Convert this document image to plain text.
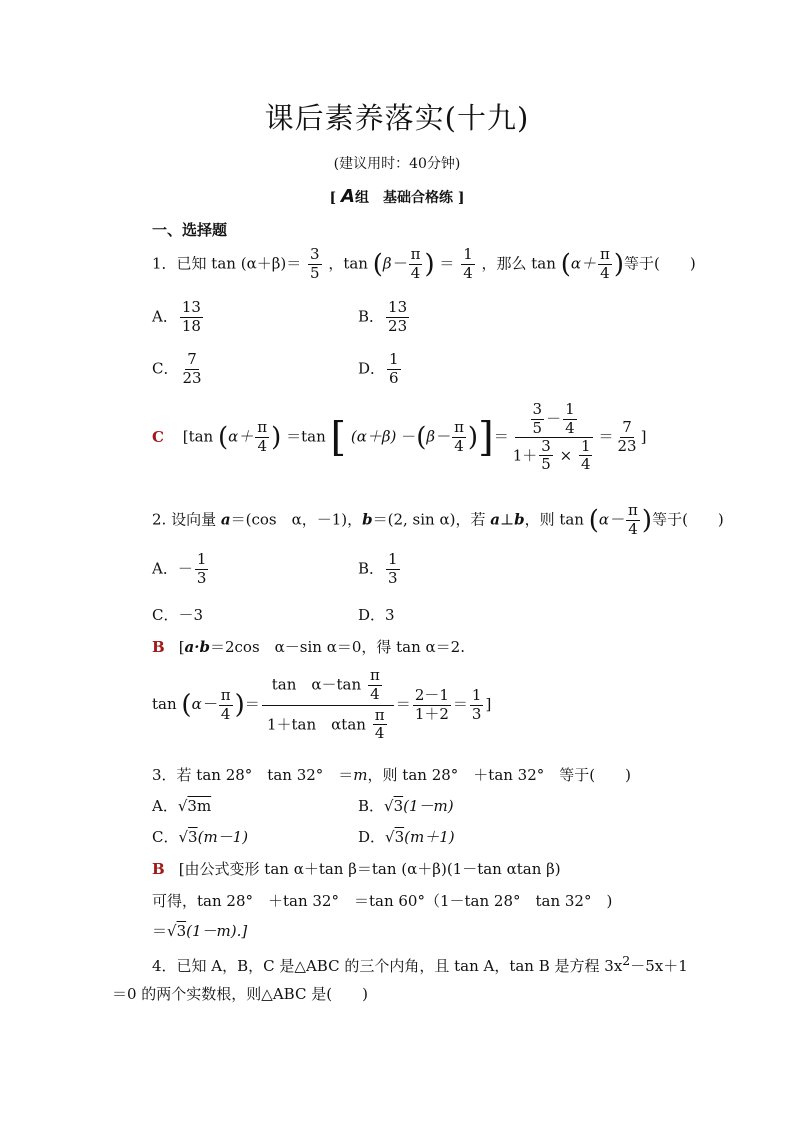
课后素养落实(十九)
(建议用时：40分钟)
[ A组　基础合格练 ]
一、选择题
1．已知 $\tan (\alpha+\beta)= \frac{3}{5}$ ，$\tan (\beta- \frac{\pi}{4}$ ) ＝ $\frac{1}{4}$ ，那么 $\tan (\alpha+ \frac{\pi}{4}$ )等于(　　)
A． $\frac{13}{18}$	B． $\frac{13}{23}$
C． $\frac{7}{23}$	D． $\frac{1}{6}$
C [tan ($\alpha+ \frac{\pi}{4}$ ) ＝tan [ $(\alpha+\beta) -(\beta- \frac{\pi}{4}$ )]＝ $\frac{\frac{3}{5} - \frac{1}{4}}{1+ \frac{3}{5} \times \frac{1}{4}} = \frac{7}{23}$ ]
2. 设向量 a＝(cos　α，－1)，b＝(2, sin α)，若 a⊥b，则 $\tan (\alpha- \frac{\pi}{4}$ )等于(　　)
A．－ $\frac{1}{3}$	B． $\frac{1}{3}$
C．－3	D．3
B [a·b＝2cos　α－sin α＝0，得 tan α＝2.
$\tan (\alpha- \frac{\pi}{4}$ )＝ $\frac{\tan \alpha-\tan \frac{\pi}{4}}{1+\tan \alpha\tan \frac{\pi}{4}} = \frac{2-1}{1+2} = \frac{1}{3}$ ]
3．若 tan 28°　tan 32°　＝m，则 tan 28°　＋tan 32°　等于(　　)
A．√3m	B．√3(1－m)
C．√3(m－1)	D．√3(m＋1)
B [由公式变形 tan α＋tan β＝tan (α＋β)(1－tan αtan β)
可得，tan 28°　＋tan 32°　＝tan 60°（1－tan 28°　tan 32°　)
＝√3(1－m).]
4．已知 A，B，C 是△ABC 的三个内角，且 tan A，tan B 是方程 $3x^2-5x+1$
＝0 的两个实数根，则△ABC 是(　　)
